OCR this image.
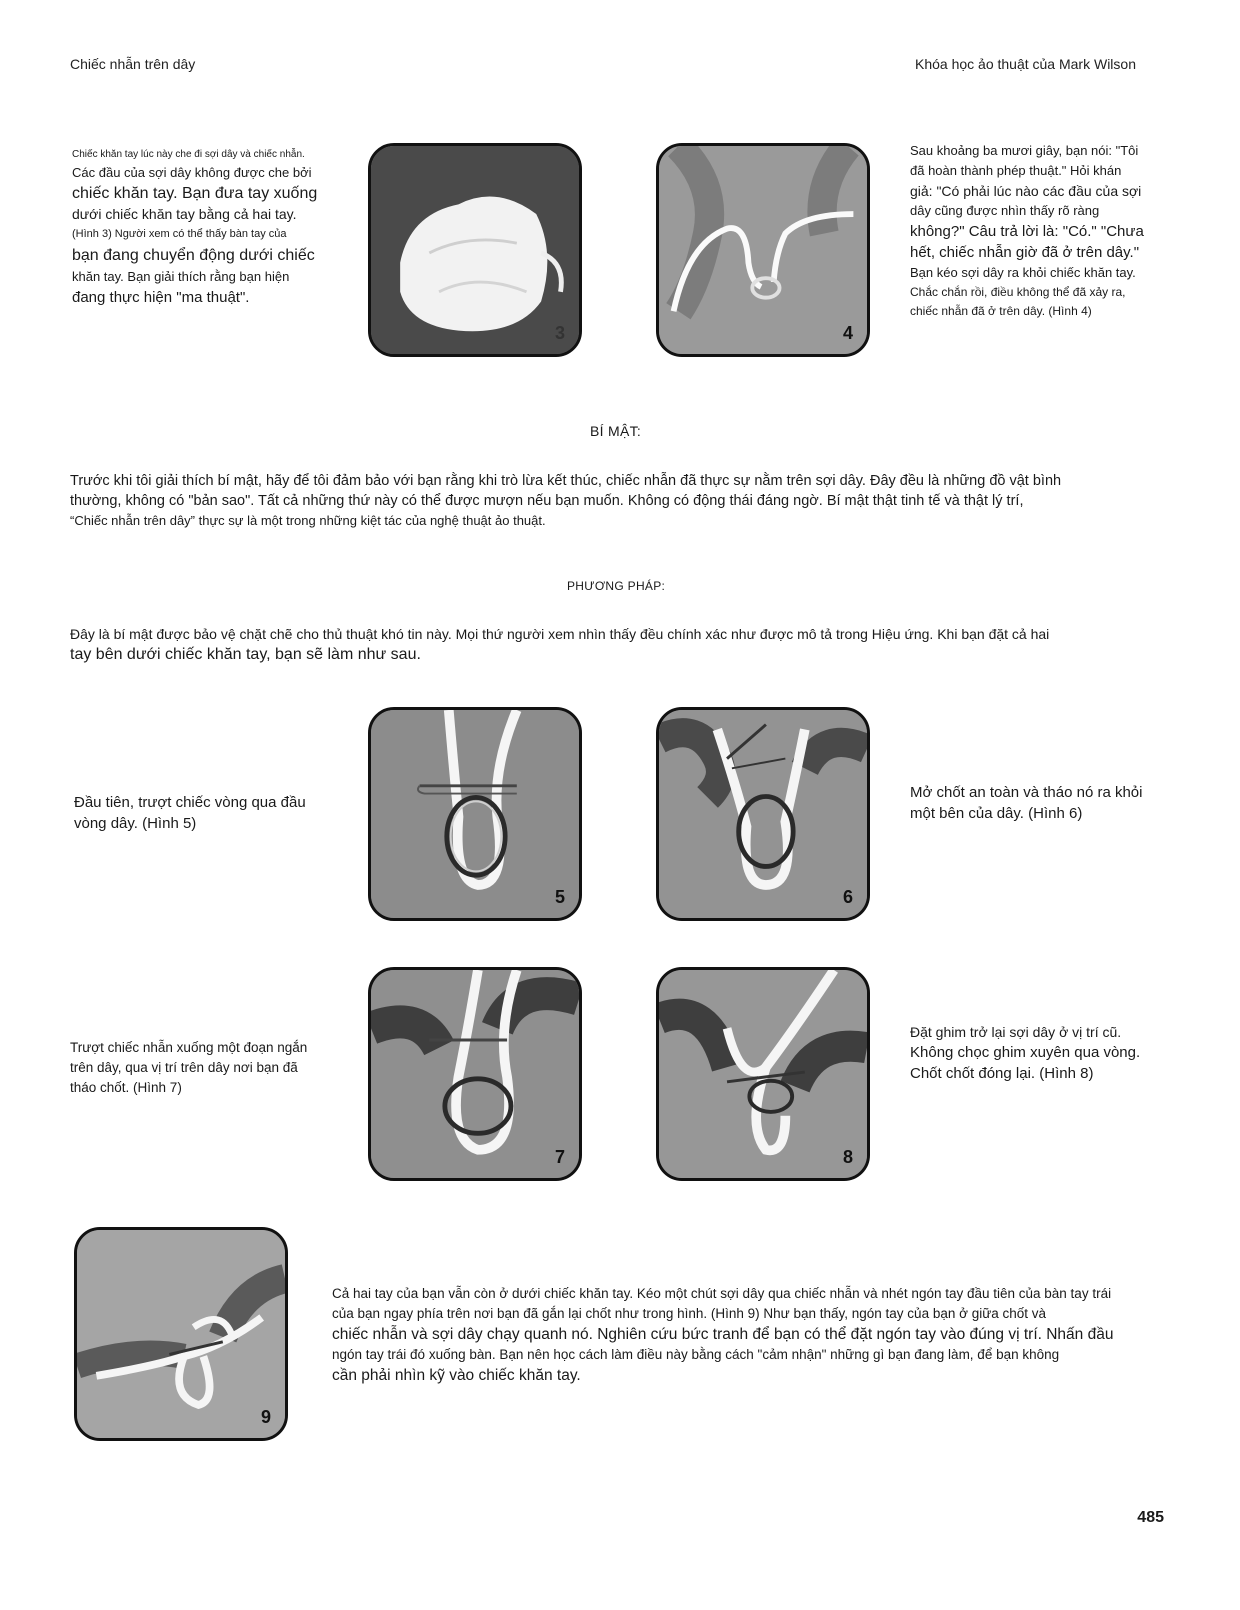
Chiếc nhẫn trên dây	Khóa học ảo thuật của Mark Wilson
Chiếc khăn tay lúc này che đi sợi dây và chiếc nhẫn.
Các đầu của sợi dây không được che bởi
chiếc khăn tay. Bạn đưa tay xuống
dưới chiếc khăn tay bằng cả hai tay.
(Hình 3) Người xem có thể thấy bàn tay của
bạn đang chuyển động dưới chiếc
khăn tay. Bạn giải thích rằng bạn hiện
đang thực hiện "ma thuật".
3	4
Sau khoảng ba mươi giây, bạn nói: "Tôi
đã hoàn thành phép thuật." Hỏi khán
giả: "Có phải lúc nào các đầu của sợi
dây cũng được nhìn thấy rõ ràng
không?" Câu trả lời là: "Có." "Chưa
hết, chiếc nhẫn giờ đã ở trên dây."
Bạn kéo sợi dây ra khỏi chiếc khăn tay.
Chắc chắn rồi, điều không thể đã xảy ra,
chiếc nhẫn đã ở trên dây. (Hình 4)
BÍ MẬT:
Trước khi tôi giải thích bí mật, hãy để tôi đảm bảo với bạn rằng khi trò lừa kết thúc, chiếc nhẫn đã thực sự nằm trên sợi dây. Đây đều là những đồ vật bình
thường, không có "bản sao". Tất cả những thứ này có thể được mượn nếu bạn muốn. Không có động thái đáng ngờ. Bí mật thật tinh tế và thật lý trí,
“Chiếc nhẫn trên dây” thực sự là một trong những kiệt tác của nghệ thuật ảo thuật.
PHƯƠNG PHÁP:
Đây là bí mật được bảo vệ chặt chẽ cho thủ thuật khó tin này. Mọi thứ người xem nhìn thấy đều chính xác như được mô tả trong Hiệu ứng. Khi bạn đặt cả hai
tay bên dưới chiếc khăn tay, bạn sẽ làm như sau.
Đầu tiên, trượt chiếc vòng qua đầu
vòng dây. (Hình 5)
5	6
Mở chốt an toàn và tháo nó ra khỏi
một bên của dây. (Hình 6)
Trượt chiếc nhẫn xuống một đoạn ngắn
trên dây, qua vị trí trên dây nơi bạn đã
tháo chốt. (Hình 7)
7	8
Đặt ghim trở lại sợi dây ở vị trí cũ.
Không chọc ghim xuyên qua vòng.
Chốt chốt đóng lại. (Hình 8)
9
Cả hai tay của bạn vẫn còn ở dưới chiếc khăn tay. Kéo một chút sợi dây qua chiếc nhẫn và nhét ngón tay đầu tiên của bàn tay trái
của bạn ngay phía trên nơi bạn đã gắn lại chốt như trong hình. (Hình 9) Như bạn thấy, ngón tay của bạn ở giữa chốt và
chiếc nhẫn và sợi dây chạy quanh nó. Nghiên cứu bức tranh để bạn có thể đặt ngón tay vào đúng vị trí. Nhấn đầu
ngón tay trái đó xuống bàn. Bạn nên học cách làm điều này bằng cách "cảm nhận" những gì bạn đang làm, để bạn không
cần phải nhìn kỹ vào chiếc khăn tay.
485
